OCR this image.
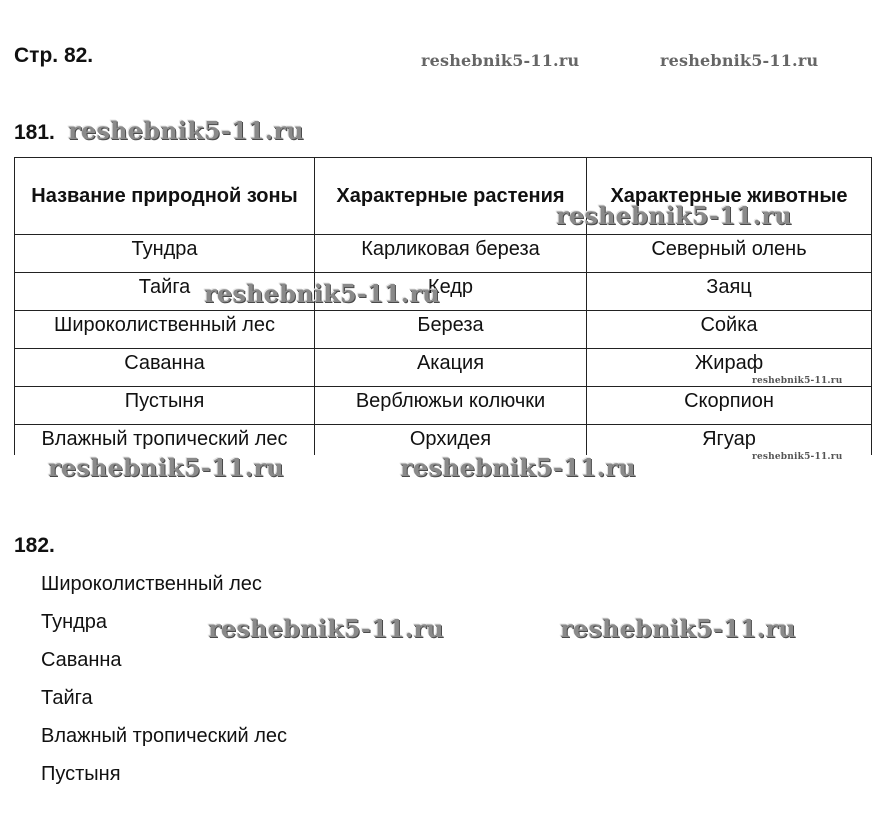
Стр. 82.	reshebnik5-11.ru	reshebnik5-11.ru
181. reshebnik5-11.ru
Название природной зоны	Характерные растения	Характерные животные
Тундра	Карликовая береза	Северный олень
Тайга	Кедр	Заяц
Широколиственный лес	Береза	Сойка
Саванна	Акация	Жираф
Пустыня	Верблюжьи колючки	Скорпион
Влажный тропический лес	Орхидея	Ягуар
reshebnik5-11.ru
reshebnik5-11.ru
reshebnik5-11.ru
reshebnik5-11.ru
reshebnik5-11.ru	reshebnik5-11.ru
182.
Широколиственный лес
Тундра
Саванна
Тайга
Влажный тропический лес
Пустыня
reshebnik5-11.ru	reshebnik5-11.ru
